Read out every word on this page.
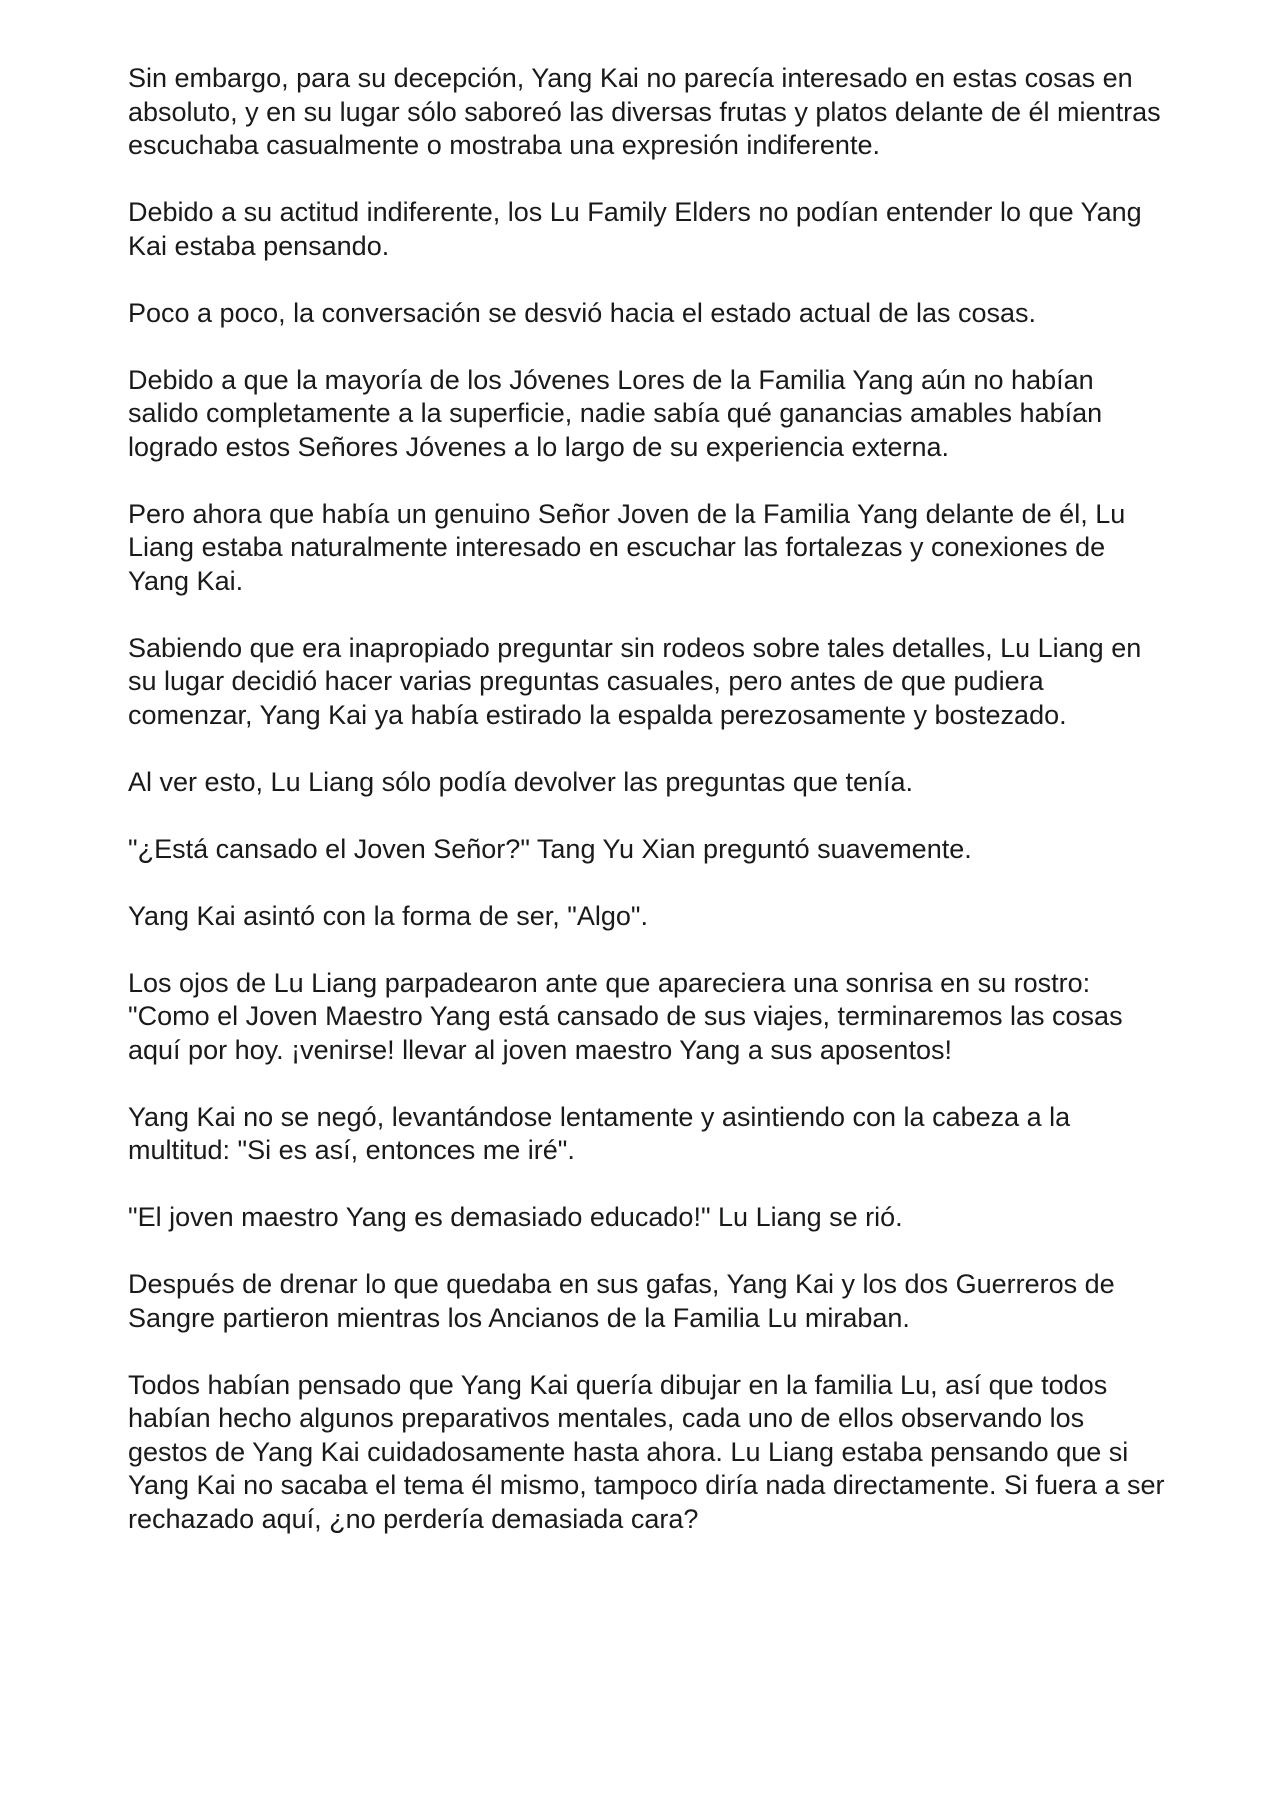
Sin embargo, para su decepción, Yang Kai no parecía interesado en estas cosas en absoluto, y en su lugar sólo saboreó las diversas frutas y platos delante de él mientras escuchaba casualmente o mostraba una expresión indiferente.

Debido a su actitud indiferente, los Lu Family Elders no podían entender lo que Yang Kai estaba pensando.

Poco a poco, la conversación se desvió hacia el estado actual de las cosas.

Debido a que la mayoría de los Jóvenes Lores de la Familia Yang aún no habían salido completamente a la superficie, nadie sabía qué ganancias amables habían logrado estos Señores Jóvenes a lo largo de su experiencia externa.

Pero ahora que había un genuino Señor Joven de la Familia Yang delante de él, Lu Liang estaba naturalmente interesado en escuchar las fortalezas y conexiones de Yang Kai.

Sabiendo que era inapropiado preguntar sin rodeos sobre tales detalles, Lu Liang en su lugar decidió hacer varias preguntas casuales, pero antes de que pudiera comenzar, Yang Kai ya había estirado la espalda perezosamente y bostezado.

Al ver esto, Lu Liang sólo podía devolver las preguntas que tenía.

"¿Está cansado el Joven Señor?" Tang Yu Xian preguntó suavemente.

Yang Kai asintó con la forma de ser, "Algo".

Los ojos de Lu Liang parpadearon ante que apareciera una sonrisa en su rostro: "Como el Joven Maestro Yang está cansado de sus viajes, terminaremos las cosas aquí por hoy. ¡venirse! llevar al joven maestro Yang a sus aposentos!

Yang Kai no se negó, levantándose lentamente y asintiendo con la cabeza a la multitud: "Si es así, entonces me iré".

"El joven maestro Yang es demasiado educado!" Lu Liang se rió.

Después de drenar lo que quedaba en sus gafas, Yang Kai y los dos Guerreros de Sangre partieron mientras los Ancianos de la Familia Lu miraban.

Todos habían pensado que Yang Kai quería dibujar en la familia Lu, así que todos habían hecho algunos preparativos mentales, cada uno de ellos observando los gestos de Yang Kai cuidadosamente hasta ahora. Lu Liang estaba pensando que si Yang Kai no sacaba el tema él mismo, tampoco diría nada directamente. Si fuera a ser rechazado aquí, ¿no perdería demasiada cara?
